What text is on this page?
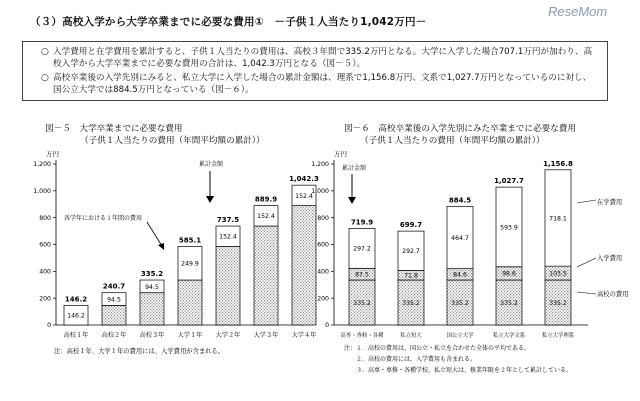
（３）高校入学から大学卒業までに必要な費用①　－子供１人当たり1,042万円－
ReseMom
○ 入学費用と在学費用を累計すると、子供１人当たりの費用は、高校３年間で335.2万円となる。大学に入学した場合707.1万円が加わり、高校入学から大学卒業までに必要な費用の合計は、1,042.3万円となる（図－５）。
○ 高校卒業後の入学先別にみると、私立大学に入学した場合の累計金額は、理系で1,156.8万円、文系で1,027.7万円となっているのに対し、国公立大学では884.5万円となっている（図－６）。
図－５　大学卒業までに必要な費用
（子供１人当たりの費用（年間平均額の累計））
万円
各学年における１年間の費用
累計金額
注：高校１年、大学１年の費用には、入学費用が含まれる。
図－６　高校卒業後の入学先別にみた卒業までに必要な費用
（子供１人当たりの費用（年間平均額の累計））
万円
累計金額
在学費用
入学費用
高校の費用
注：１．高校の費用は、国公立・私立を合わせた全体の平均である。
２．高校の費用には、入学費用も含まれる。
３．高専・専修・各種学校、私立短大は、修業年限を２年として累計している。
0
200
400
600
800
1,000
1,200
146.2
146.2
高校１年
94.5
240.7
高校２年
94.5
335.2
高校３年
249.9
585.1
大学１年
152.4
737.5
大学２年
152.4
889.9
大学３年
152.4
1,042.3
大学４年
0
200
400
600
800
1,000
1,200
335.2
87.5
297.2
719.9
高専・専修・各種
335.2
71.8
292.7
699.7
私立短大
335.2
84.6
464.7
884.5
国公立大学
335.2
98.6
593.9
1,027.7
私立大学文系
335.2
103.5
718.1
1,156.8
私立大学理系
